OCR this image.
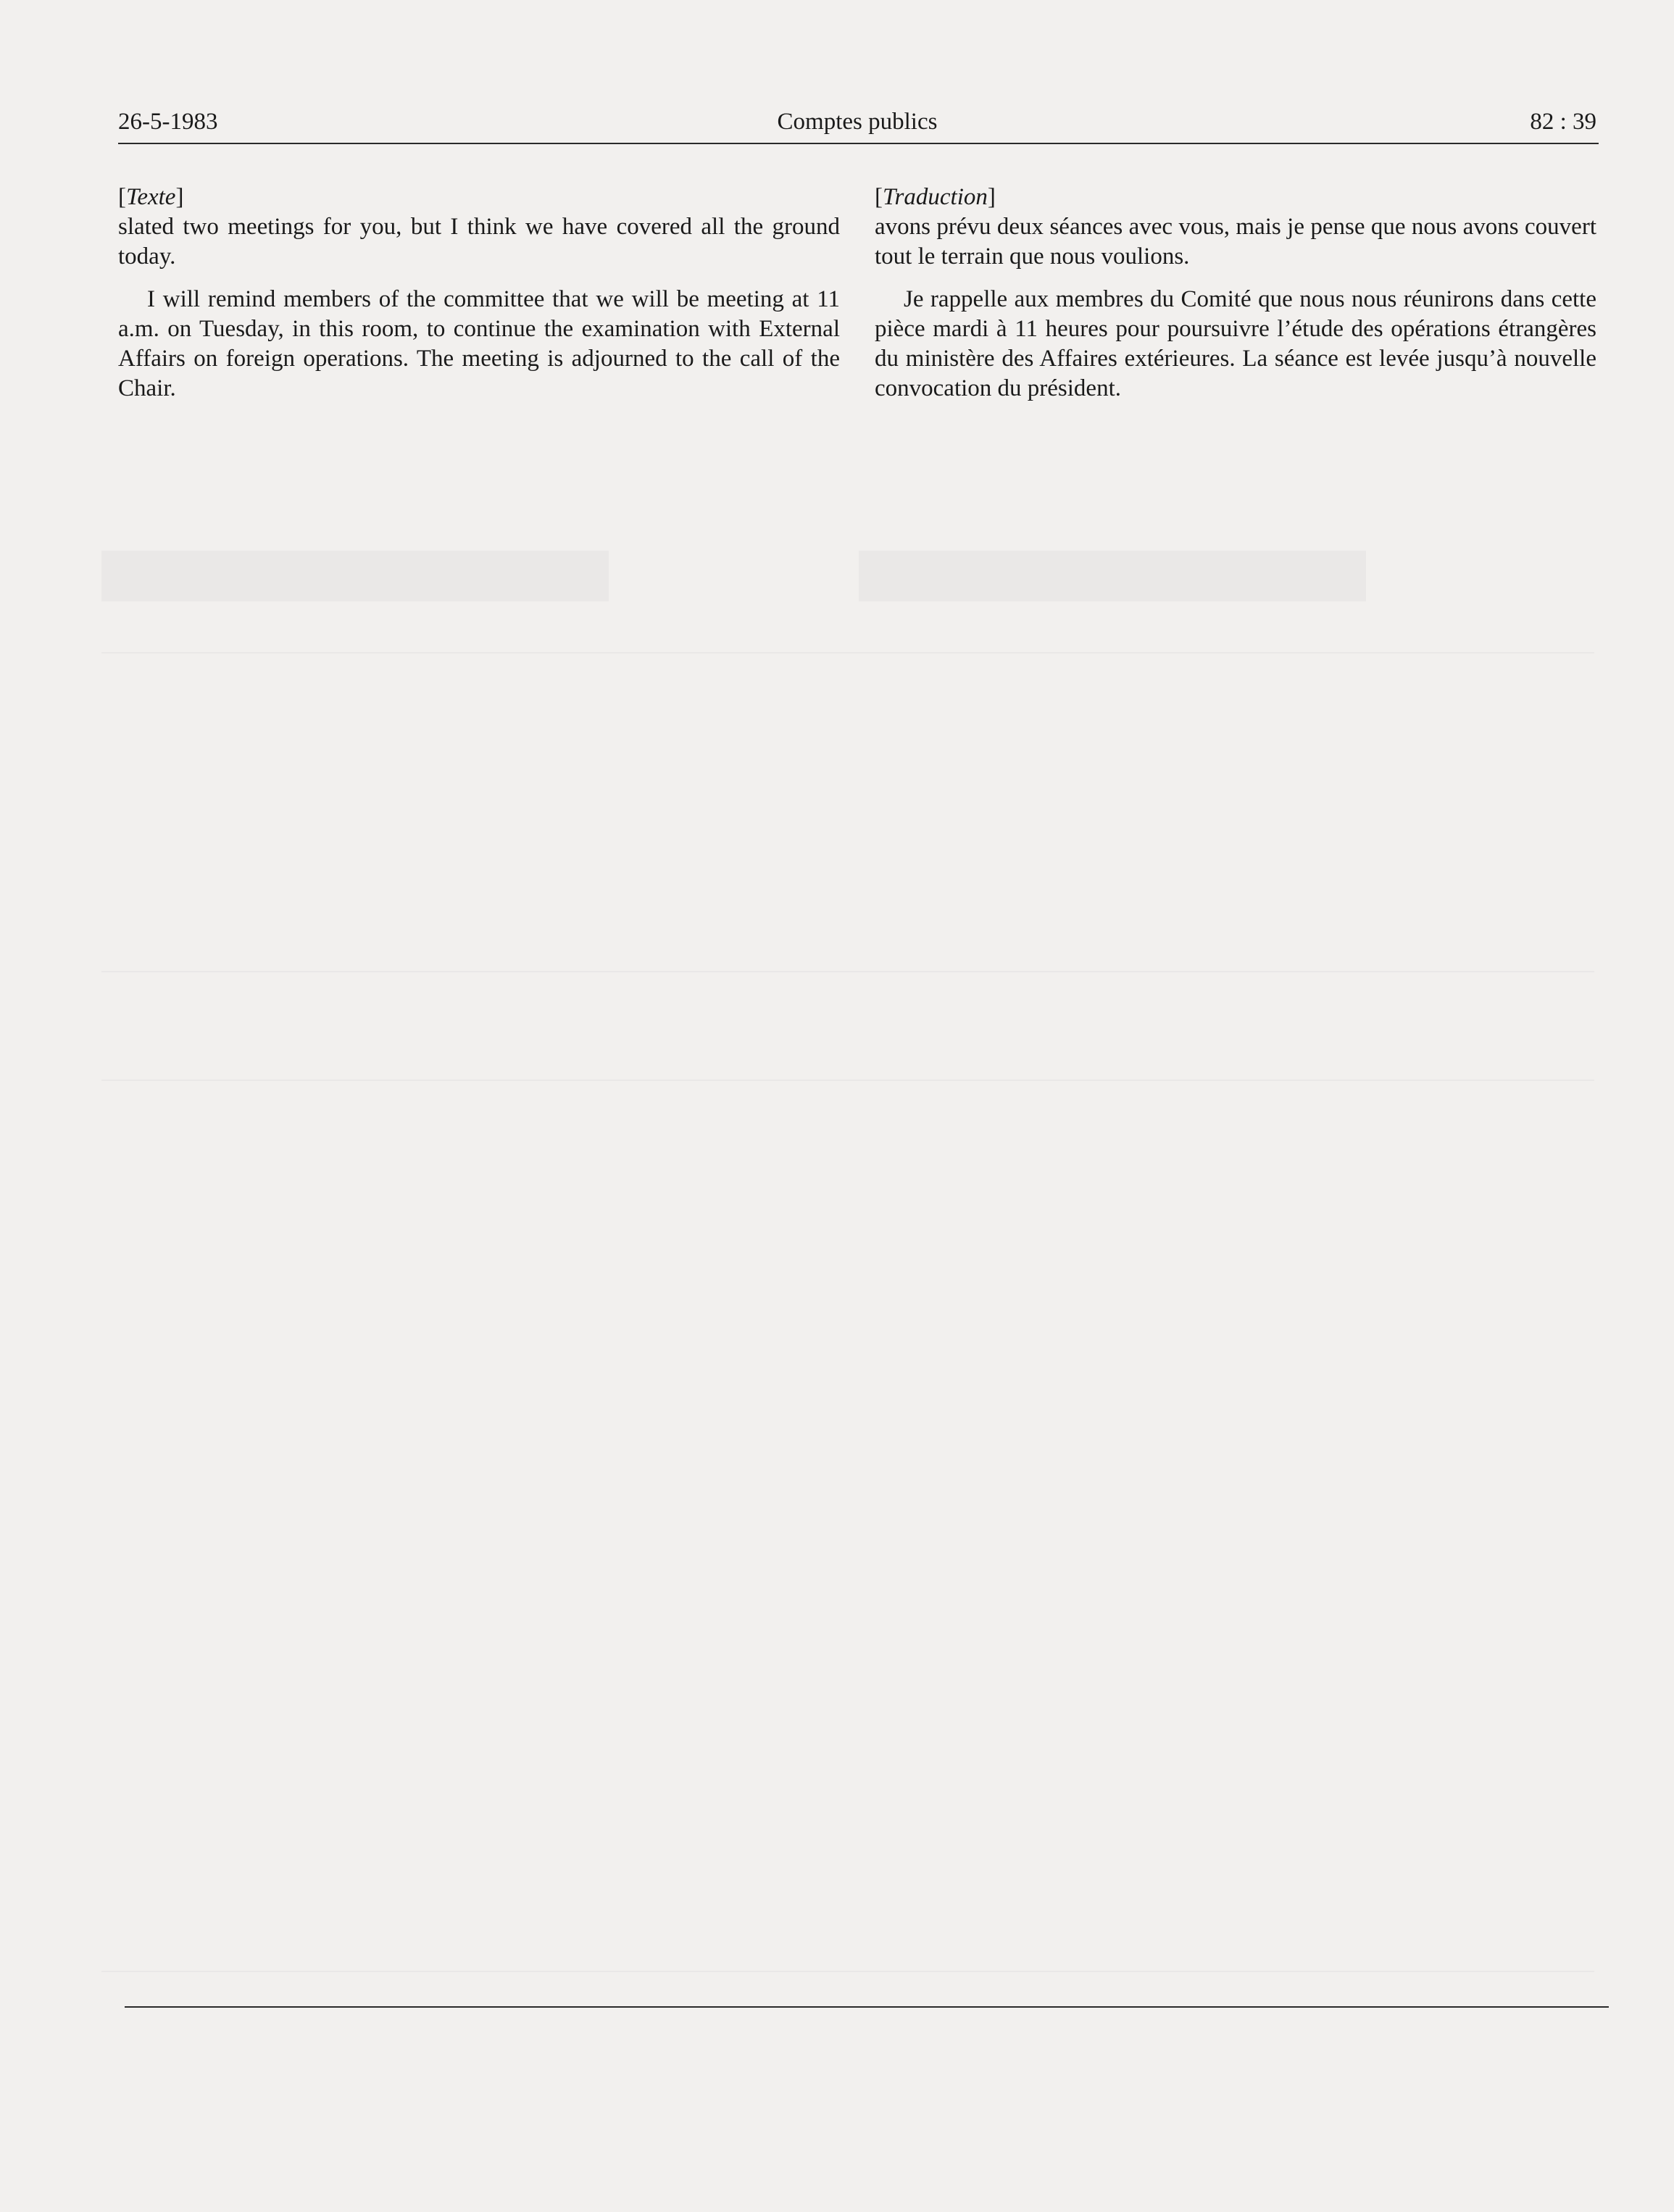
26-5-1983	Comptes publics	82 : 39
[Texte]

slated two meetings for you, but I think we have covered all the ground today.

I will remind members of the committee that we will be meeting at 11 a.m. on Tuesday, in this room, to continue the examination with External Affairs on foreign operations. The meeting is adjourned to the call of the Chair.

[Traduction]

avons prévu deux séances avec vous, mais je pense que nous avons couvert tout le terrain que nous voulions.

Je rappelle aux membres du Comité que nous nous réunirons dans cette pièce mardi à 11 heures pour poursuivre l’étude des opérations étrangères du ministère des Affaires extérieures. La séance est levée jusqu’à nouvelle convocation du président.
